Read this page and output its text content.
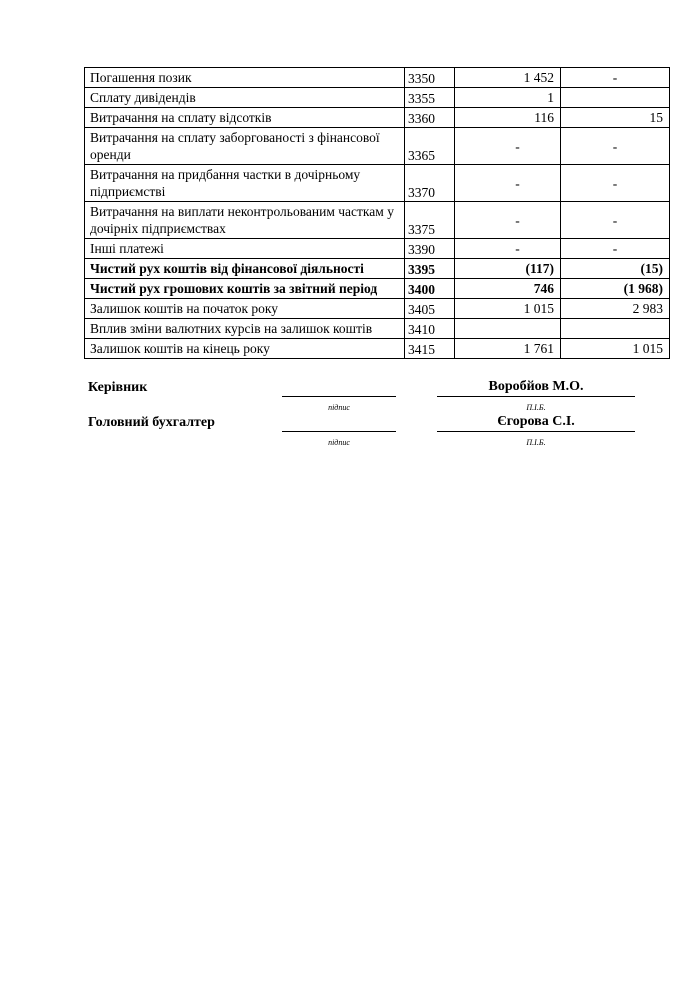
Погашення позик	3350	1 452	-
Сплату дивідендів	3355	1	
Витрачання на сплату відсотків	3360	116	15
Витрачання на сплату заборгованості з фінансової оренди	3365	-	-
Витрачання на придбання частки в дочірньому підприємстві	3370	-	-
Витрачання на виплати неконтрольованим часткам у дочірніх підприємствах	3375	-	-
Інші платежі	3390	-	-
Чистий рух коштів від фінансової діяльності	3395	(117)	(15)
Чистий рух грошових коштів за звітний період	3400	746	(1 968)
Залишок коштів на початок року	3405	1 015	2 983
Вплив зміни валютних курсів на залишок коштів	3410		
Залишок коштів на кінець року	3415	1 761	1 015
Керівник
підпис
Воробйов М.О.
П.І.Б.
Головний бухгалтер
підпис
Єгорова С.І.
П.І.Б.
